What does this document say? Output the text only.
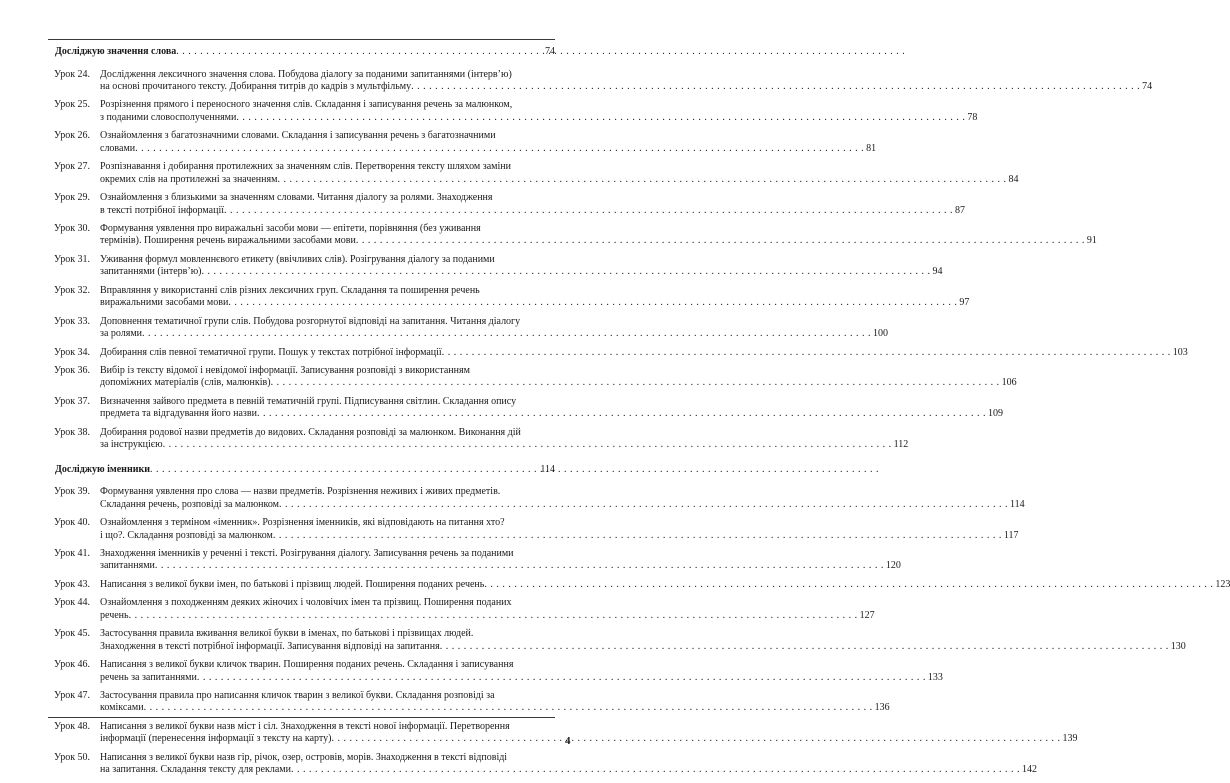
Досліджую значення слова . . .	74
Урок 24. Дослідження лексичного значення слова. Побудова діалогу за поданими запитаннями (інтерв’ю)
на основі прочитаного тексту. Добирання титрів до кадрів з мультфільму . . .	74
Урок 25. Розрізнення прямого і переносного значення слів. Складання і записування речень за малюнком,
з поданими словосполученнями . . .	78
Урок 26. Ознайомлення з багатозначними словами. Складання і записування речень з багатозначними
словами . . .	81
Урок 27. Розпізнавання і добирання протилежних за значенням слів. Перетворення тексту шляхом заміни
окремих слів на протилежні за значенням . . .	84
Урок 29. Ознайомлення з близькими за значенням словами. Читання діалогу за ролями. Знаходження
в тексті потрібної інформації . . .	87
Урок 30. Формування уявлення про виражальні засоби мови — епітети, порівняння (без уживання
термінів). Поширення речень виражальними засобами мови . . .	91
Урок 31. Уживання формул мовленнєвого етикету (ввічливих слів). Розігрування діалогу за поданими
запитаннями (інтерв’ю) . . .	94
Урок 32. Вправляння у використанні слів різних лексичних груп. Складання та поширення речень
виражальними засобами мови . . .	97
Урок 33. Доповнення тематичної групи слів. Побудова розгорнутої відповіді на запитання. Читання діалогу
за ролями . . .	100
Урок 34. Добирання слів певної тематичної групи. Пошук у текстах потрібної інформації . . .	103
Урок 36. Вибір із тексту відомої і невідомої інформації. Записування розповіді з використанням
допоміжних матеріалів (слів, малюнків) . . .	106
Урок 37. Визначення зайвого предмета в певній тематичній групі. Підписування світлин. Складання опису
предмета та відгадування його назви . . .	109
Урок 38. Добирання родової назви предметів до видових. Складання розповіді за малюнком. Виконання дій
за інструкцією . . .	112
Досліджую іменники . . .	114
Урок 39. Формування уявлення про слова — назви предметів. Розрізнення неживих і живих предметів.
Складання речень, розповіді за малюнком . . .	114
Урок 40. Ознайомлення з терміном «іменник». Розрізнення іменників, які відповідають на питання хто?
і що?. Складання розповіді за малюнком . . .	117
Урок 41. Знаходження іменників у реченні і тексті. Розігрування діалогу. Записування речень за поданими
запитаннями . . .	120
Урок 43. Написання з великої букви імен, по батькові і прізвищ людей. Поширення поданих речень . . .	123
Урок 44. Ознайомлення з походженням деяких жіночих і чоловічих імен та прізвищ. Поширення поданих
речень . . .	127
Урок 45. Застосування правила вживання великої букви в іменах, по батькові і прізвищах людей.
Знаходження в тексті потрібної інформації. Записування відповіді на запитання . . .	130
Урок 46. Написання з великої букви кличок тварин. Поширення поданих речень. Складання і записування
речень за запитаннями . . .	133
Урок 47. Застосування правила про написання кличок тварин з великої букви. Складання розповіді за
коміксами . . .	136
Урок 48. Написання з великої букви назв міст і сіл. Знаходження в тексті нової інформації. Перетворення
інформації (перенесення інформації з тексту на карту) . . .	139
Урок 50. Написання з великої букви назв гір, річок, озер, островів, морів. Знаходження в тексті відповіді
на запитання. Складання тексту для реклами . . .	142
4
